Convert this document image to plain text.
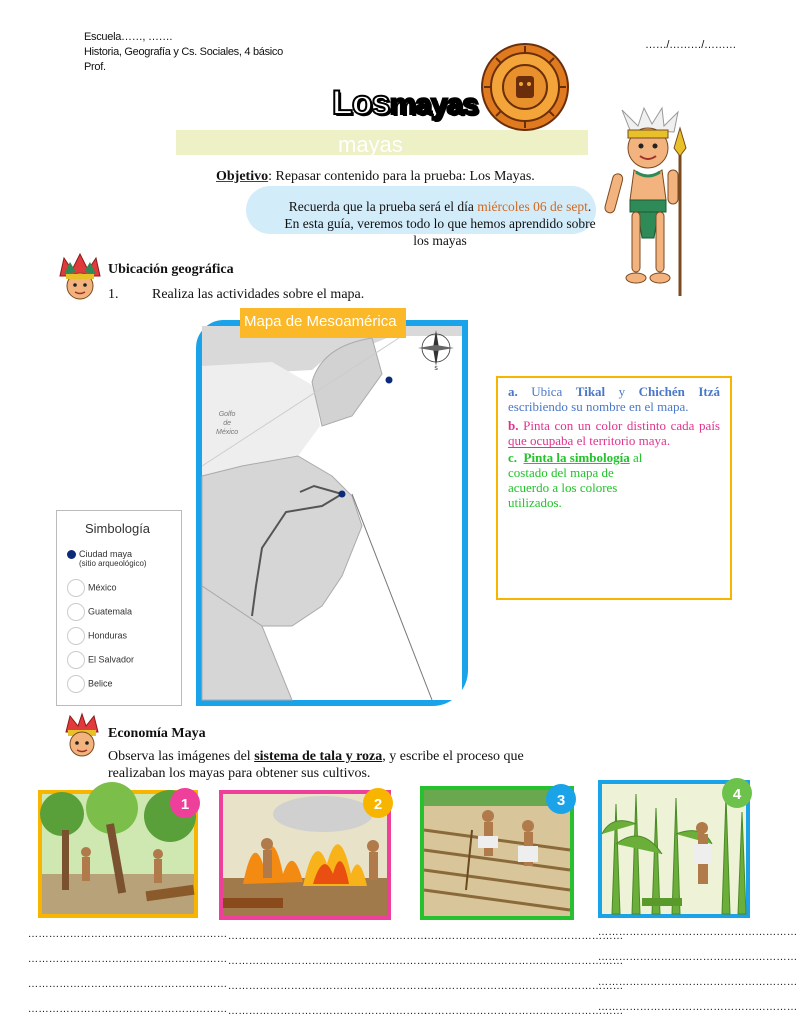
Escuela……, …….
Historia, Geografía y Cs. Sociales, 4 básico
Prof.
……/………/………
mayas
Losmayas
Objetivo: Repasar contenido para la prueba: Los Mayas.
Recuerda que la prueba será el día miércoles 06 de sept. En esta guía, veremos todo lo que hemos aprendido sobre los mayas
Ubicación geográfica
1. Realiza las actividades sobre el mapa.
Mapa de Mesoamérica
Golfo
de
México
S
Simbología
Ciudad maya
(sitio arqueológico)
México
Guatemala
Honduras
El Salvador
Belice
a. Ubica Tikal y Chichén Itzá escribiendo su nombre en el mapa.
b. Pinta con un color distinto cada país que ocupaba el territorio maya.
c. Pinta la simbología al costado del mapa de acuerdo a los colores utilizados.
Economía Maya
Observa las imágenes del sistema de tala y roza, y escribe el proceso que realizaban los mayas para obtener sus cultivos.
1	2	3	4
…………………………………………………
…………………………………………………
…………………………………………………
…………………………………………………
…………………………………………………
…………………………………………………
…………………………………………………
…………………………………………………
…………………………………………………
…………………………………………………
…………………………………………………
…………………………………………………
…………………………………………………
…………………………………………………
…………………………………………………
…………………………………………………
